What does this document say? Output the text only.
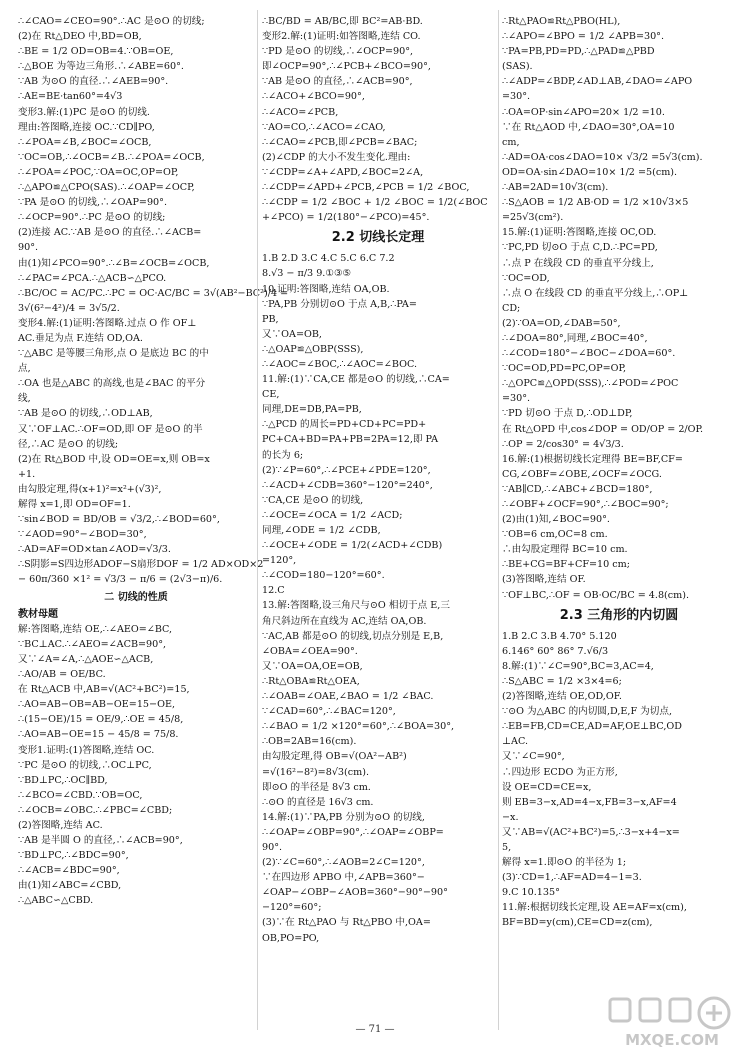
∴∠CAO=∠CEO=90°.∴AC 是⊙O 的切线;
(2)在 Rt△DEO 中,BD=OB,
∴BE = 1/2 OD=OB=4.∵OB=OE,
∴△BOE 为等边三角形.∴∠ABE=60°.
∵AB 为⊙O 的直径.∴∠AEB=90°.
∴AE=BE·tan60°=4√3
变形3.解:(1)PC 是⊙O 的切线.
理由:答图略,连接 OC.∵CD∥PO,
∴∠POA=∠B,∠BOC=∠OCB,
∵OC=OB,∴∠OCB=∠B.∴∠POA=∠OCB,
∴∠POA=∠POC,∵OA=OC,OP=OP,
∴△APO≌△CPO(SAS).∴∠OAP=∠OCP,
∵PA 是⊙O 的切线,∴∠OAP=90°.
∴∠OCP=90°.∴PC 是⊙O 的切线;
(2)连接 AC.∵AB 是⊙O 的直径.∴∠ACB=
90°.
由(1)知∠PCO=90°.∴∠B=∠OCB=∠OCB,
∴∠PAC=∠PCA.∴△ACB∽△PCO.
∴BC/OC = AC/PC.∴PC = OC·AC/BC = 3√(AB²−BC²)/4 =
3√(6²−4²)/4 = 3√5/2.
变形4.解:(1)证明:答图略.过点 O 作 OF⊥
AC.垂足为点 F.连结 OD,OA.
∵△ABC 是等腰三角形,点 O 是底边 BC 的中
点,
∴OA 也是△ABC 的高线,也是∠BAC 的平分
线,
∵AB 是⊙O 的切线,∴OD⊥AB,
又∵OF⊥AC.∴OF=OD,即 OF 是⊙O 的半
径,∴AC 是⊙O 的切线;
(2)在 Rt△BOD 中,设 OD=OE=x,则 OB=x
+1.
由勾股定理,得(x+1)²=x²+(√3)²,
解得 x=1,即 OD=OF=1.
∵sin∠BOD = BD/OB = √3/2,∴∠BOD=60°,
∵∠AOD=90°−∠BOD=30°,
∴AD=AF=OD×tan∠AOD=√3/3.
∴S阴影=S四边形ADOF−S扇形DOF = 1/2 AD×OD×2
− 60π/360 ×1² = √3/3 − π/6 = (2√3−π)/6.
二 切线的性质
教材母题
解:答图略,连结 OE,∴∠AEO=∠BC,
∵BC⊥AC.∴∠AEO=∠ACB=90°,
又∵∠A=∠A,∴△AOE∽△ACB,
∴AO/AB = OE/BC.
在 Rt△ACB 中,AB=√(AC²+BC²)=15,
∴AO=AB−OB=AB−OE=15−OE,
∴(15−OE)/15 = OE/9,∴OE = 45/8,
∴AO=AB−OE=15 − 45/8 = 75/8.
变形1.证明:(1)答图略,连结 OC.
∵PC 是⊙O 的切线,∴OC⊥PC,
∵BD⊥PC,∴OC∥BD,
∴∠BCO=∠CBD.∵OB=OC,
∴∠OCB=∠OBC.∴∠PBC=∠CBD;
(2)答图略,连结 AC.
∵AB 是半圆 O 的直径,∴∠ACB=90°,
∵BD⊥PC,∴∠BDC=90°,
∴∠ACB=∠BDC=90°,
由(1)知∠ABC=∠CBD,
∴△ABC∽△CBD.
∴BC/BD = AB/BC,即 BC²=AB·BD.
变形2.解:(1)证明:如答图略,连结 CO.
∵PD 是⊙O 的切线,∴∠OCP=90°,
即∠OCP=90°,∴∠PCB+∠BCO=90°,
∵AB 是⊙O 的直径,∴∠ACB=90°,
∴∠ACO+∠BCO=90°,
∴∠ACO=∠PCB,
∵AO=CO,∴∠ACO=∠CAO,
∴∠CAO=∠PCB,即∠PCB=∠BAC;
(2)∠CDP 的大小不发生变化.理由:
∵∠CDP=∠A+∠APD,∠BOC=2∠A,
∴∠CDP=∠APD+∠PCB,∠PCB = 1/2 ∠BOC,
∴∠CDP = 1/2 ∠BOC + 1/2 ∠BOC = 1/2(∠BOC
+∠PCO) = 1/2(180°−∠PCO)=45°.
2.2 切线长定理
1.B 2.D 3.C 4.C 5.C 6.C 7.2
8.√3 − π/3 9.①③⑤
10.证明:答图略,连结 OA,OB.
∵PA,PB 分别切⊙O 于点 A,B,∴PA=
PB,
又∵OA=OB,
∴△OAP≌△OBP(SSS),
∴∠AOC=∠BOC,∴∠AOC=∠BOC.
11.解:(1)∵CA,CE 都是⊙O 的切线,∴CA=
CE,
同理,DE=DB,PA=PB,
∴△PCD 的周长=PD+CD+PC=PD+
PC+CA+BD=PA+PB=2PA=12,即 PA
的长为 6;
(2)∵∠P=60°,∴∠PCE+∠PDE=120°,
∴∠ACD+∠CDB=360°−120°=240°,
∵CA,CE 是⊙O 的切线,
∴∠OCE=∠OCA = 1/2 ∠ACD;
同理,∠ODE = 1/2 ∠CDB,
∴∠OCE+∠ODE = 1/2(∠ACD+∠CDB)
=120°,
∴∠COD=180−120°=60°.
12.C
13.解:答图略,设三角尺与⊙O 相切于点 E,三
角尺斜边所在直线为 AC,连结 OA,OB.
∵AC,AB 都是⊙O 的切线,切点分别是 E,B,
∠OBA=∠OEA=90°.
又∵OA=OA,OE=OB,
∴Rt△OBA≌Rt△OEA,
∴∠OAB=∠OAE,∠BAO = 1/2 ∠BAC.
∵∠CAD=60°,∴∠BAC=120°,
∴∠BAO = 1/2 ×120°=60°,∴∠BOA=30°,
∴OB=2AB=16(cm).
由勾股定理,得 OB=√(OA²−AB²)
=√(16²−8²)=8√3(cm).
即⊙O 的半径是 8√3 cm.
∴⊙O 的直径是 16√3 cm.
14.解:(1)∵PA,PB 分别为⊙O 的切线,
∴∠OAP=∠OBP=90°,∴∠OAP=∠OBP=
90°.
(2)∵∠C=60°,∴∠AOB=2∠C=120°,
∵在四边形 APBO 中,∠APB=360°−
∠OAP−∠OBP−∠AOB=360°−90°−90°
−120°=60°;
(3)∵在 Rt△PAO 与 Rt△PBO 中,OA=
OB,PO=PO,
∴Rt△PAO≌Rt△PBO(HL),
∴∠APO=∠BPO = 1/2 ∠APB=30°.
∵PA=PB,PD=PD,∴△PAD≌△PBD
(SAS).
∴∠ADP=∠BDP,∠AD⊥AB,∠DAO=∠APO
=30°.
∴OA=OP·sin∠APO=20× 1/2 =10.
∵在 Rt△AOD 中,∠DAO=30°,OA=10
cm,
∴AD=OA·cos∠DAO=10× √3/2 =5√3(cm).
OD=OA·sin∠DAO=10× 1/2 =5(cm).
∴AB=2AD=10√3(cm).
∴S△AOB = 1/2 AB·OD = 1/2 ×10√3×5
=25√3(cm²).
15.解:(1)证明:答图略,连接 OC,OD.
∵PC,PD 切⊙O 于点 C,D.∴PC=PD,
∴点 P 在线段 CD 的垂直平分线上,
∵OC=OD,
∴点 O 在线段 CD 的垂直平分线上,∴OP⊥
CD;
(2)∵OA=OD,∠DAB=50°,
∴∠DOA=80°,同理,∠BOC=40°,
∴∠COD=180°−∠BOC−∠DOA=60°.
∵OC=OD,PD=PC,OP=OP,
∴△OPC≌△OPD(SSS),∴∠POD=∠POC
=30°.
∵PD 切⊙O 于点 D,∴OD⊥DP,
在 Rt△OPD 中,cos∠DOP = OD/OP = 2/OP.
∴OP = 2/cos30° = 4√3/3.
16.解:(1)根据切线长定理得 BE=BF,CF=
CG,∠OBF=∠OBE,∠OCF=∠OCG.
∵AB∥CD,∴∠ABC+∠BCD=180°,
∴∠OBF+∠OCF=90°,∴∠BOC=90°;
(2)由(1)知,∠BOC=90°.
∵OB=6 cm,OC=8 cm.
∴由勾股定理得 BC=10 cm.
∴BE+CG=BF+CF=10 cm;
(3)答图略,连结 OF.
∵OF⊥BC,∴OF = OB·OC/BC = 4.8(cm).
2.3 三角形的内切圆
1.B 2.C 3.B 4.70° 5.120
6.146° 60° 86° 7.√6/3
8.解:(1)∵∠C=90°,BC=3,AC=4,
∴S△ABC = 1/2 ×3×4=6;
(2)答图略,连结 OE,OD,OF.
∵⊙O 为△ABC 的内切圆,D,E,F 为切点,
∴EB=FB,CD=CE,AD=AF,OE⊥BC,OD
⊥AC.
又∵∠C=90°,
∴四边形 ECDO 为正方形,
设 OE=CD=CE=x,
则 EB=3−x,AD=4−x,FB=3−x,AF=4
−x.
又∵AB=√(AC²+BC²)=5,∴3−x+4−x=
5,
解得 x=1.即⊙O 的半径为 1;
(3)∵CD=1,∴AF=AD=4−1=3.
9.C 10.135°
11.解:根据切线长定理,设 AE=AF=x(cm),
BF=BD=y(cm),CE=CD=z(cm),
— 71 —
MXQE.COM
